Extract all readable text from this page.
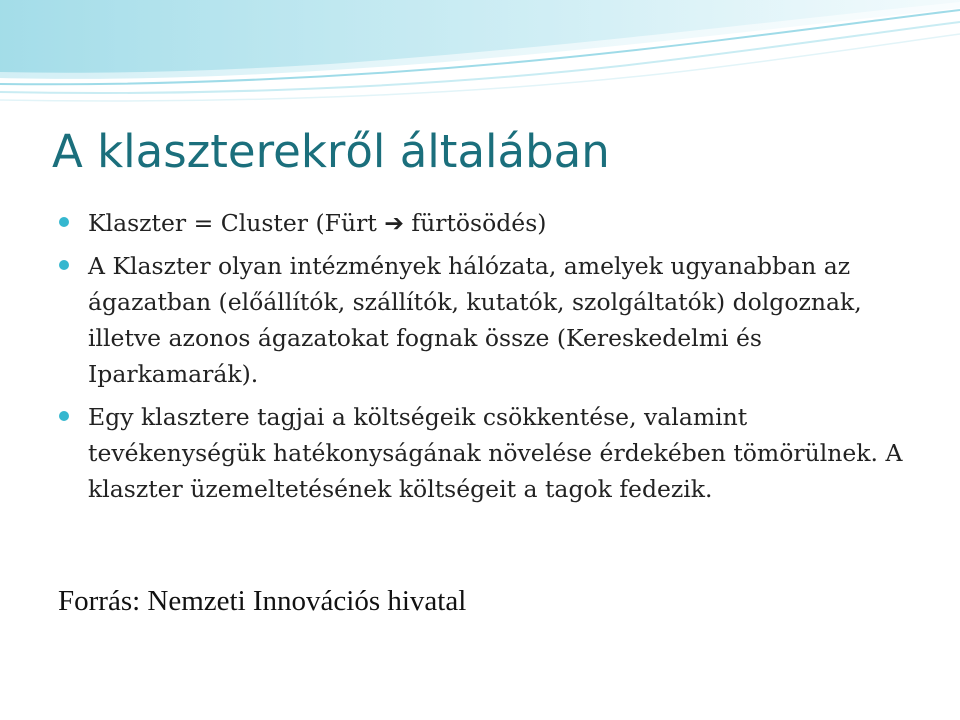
A klaszterekről általában
Klaszter = Cluster (Fürt ➔ fürtösödés)
A Klaszter olyan intézmények hálózata, amelyek ugyanabban az ágazatban (előállítók, szállítók, kutatók, szolgáltatók) dolgoznak, illetve azonos ágazatokat fognak össze (Kereskedelmi és Iparkamarák).
Egy klasztere tagjai a költségeik csökkentése, valamint tevékenységük hatékonyságának növelése érdekében tömörülnek. A klaszter üzemeltetésének költségeit a tagok fedezik.

Forrás: Nemzeti Innovációs hivatal
